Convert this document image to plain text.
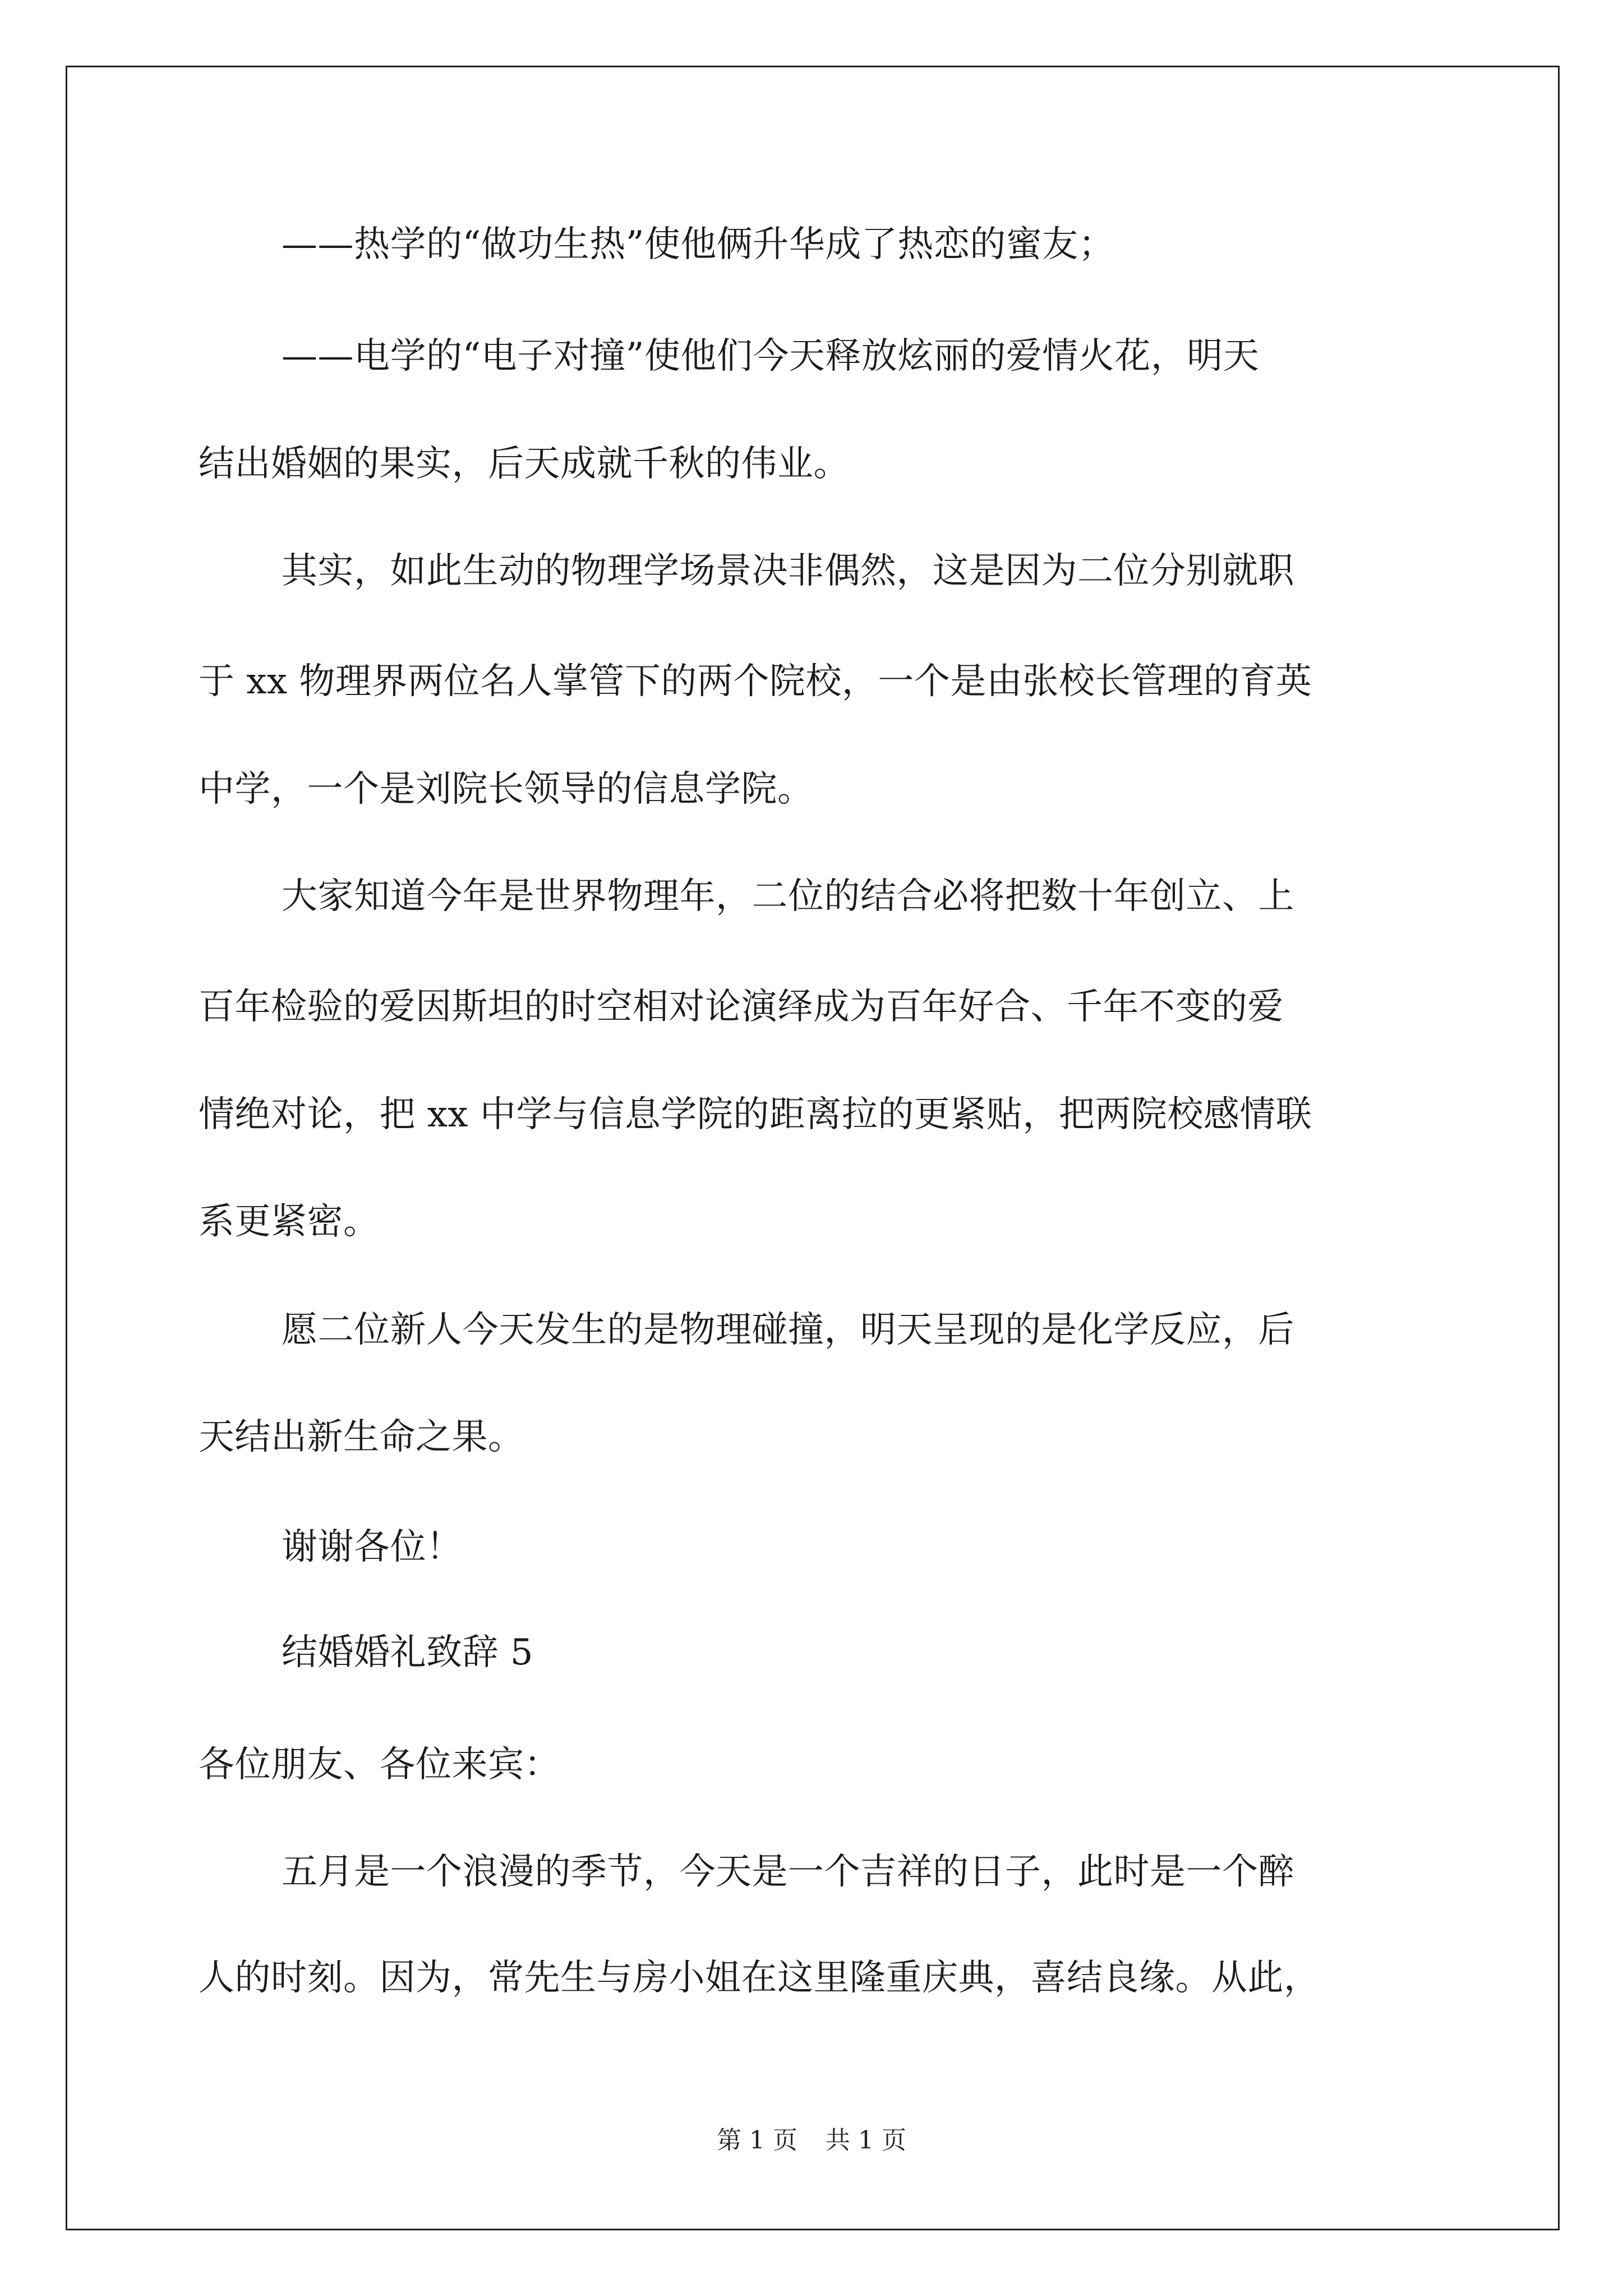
——热学的“做功生热”使他俩升华成了热恋的蜜友；
——电学的“电子对撞”使他们今天释放炫丽的爱情火花，明天
结出婚姻的果实，后天成就千秋的伟业。
其实，如此生动的物理学场景决非偶然，这是因为二位分别就职
于 xx 物理界两位名人掌管下的两个院校，一个是由张校长管理的育英
中学，一个是刘院长领导的信息学院。
大家知道今年是世界物理年，二位的结合必将把数十年创立、上
百年检验的爱因斯坦的时空相对论演绎成为百年好合、千年不变的爱
情绝对论，把 xx 中学与信息学院的距离拉的更紧贴，把两院校感情联
系更紧密。
愿二位新人今天发生的是物理碰撞，明天呈现的是化学反应，后
天结出新生命之果。
谢谢各位！
结婚婚礼致辞 5
各位朋友、各位来宾：
五月是一个浪漫的季节，今天是一个吉祥的日子，此时是一个醉
人的时刻。因为，常先生与房小姐在这里隆重庆典，喜结良缘。从此，
第 1 页 共 1 页
